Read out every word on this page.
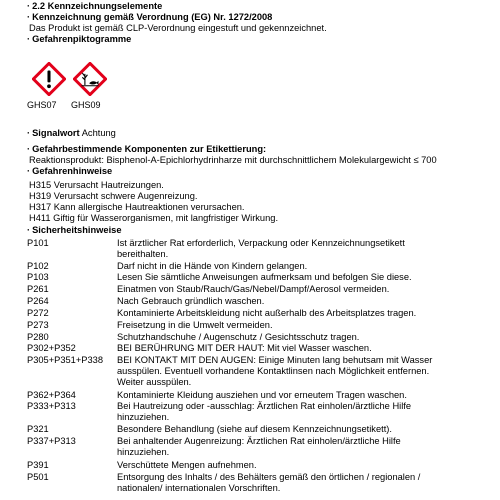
· 2.2 Kennzeichnungselemente
· Kennzeichnung gemäß Verordnung (EG) Nr. 1272/2008
Das Produkt ist gemäß CLP-Verordnung eingestuft und gekennzeichnet.
· Gefahrenpiktogramme
GHS07 GHS09
· Signalwort Achtung
· Gefahrbestimmende Komponenten zur Etikettierung:
Reaktionsprodukt: Bisphenol-A-Epichlorhydrinharze mit durchschnittlichem Molekulargewicht ≤ 700
· Gefahrenhinweise
H315 Verursacht Hautreizungen.
H319 Verursacht schwere Augenreizung.
H317 Kann allergische Hautreaktionen verursachen.
H411 Giftig für Wasserorganismen, mit langfristiger Wirkung.
· Sicherheitshinweise
P101	Ist ärztlicher Rat erforderlich, Verpackung oder Kennzeichnungsetikett
bereithalten.
P102	Darf nicht in die Hände von Kindern gelangen.
P103	Lesen Sie sämtliche Anweisungen aufmerksam und befolgen Sie diese.
P261	Einatmen von Staub/Rauch/Gas/Nebel/Dampf/Aerosol vermeiden.
P264	Nach Gebrauch gründlich waschen.
P272	Kontaminierte Arbeitskleidung nicht außerhalb des Arbeitsplatzes tragen.
P273	Freisetzung in die Umwelt vermeiden.
P280	Schutzhandschuhe / Augenschutz / Gesichtsschutz tragen.
P302+P352	BEI BERÜHRUNG MIT DER HAUT: Mit viel Wasser waschen.
P305+P351+P338 BEI KONTAKT MIT DEN AUGEN: Einige Minuten lang behutsam mit Wasser
ausspülen. Eventuell vorhandene Kontaktlinsen nach Möglichkeit entfernen.
Weiter ausspülen.
P362+P364	Kontaminierte Kleidung ausziehen und vor erneutem Tragen waschen.
P333+P313	Bei Hautreizung oder -ausschlag: Ärztlichen Rat einholen/ärztliche Hilfe
hinzuziehen.
P321	Besondere Behandlung (siehe auf diesem Kennzeichnungsetikett).
P337+P313	Bei anhaltender Augenreizung: Ärztlichen Rat einholen/ärztliche Hilfe
hinzuziehen.
P391	Verschüttete Mengen aufnehmen.
P501	Entsorgung des Inhalts / des Behälters gemäß den örtlichen / regionalen /
nationalen/ internationalen Vorschriften.
